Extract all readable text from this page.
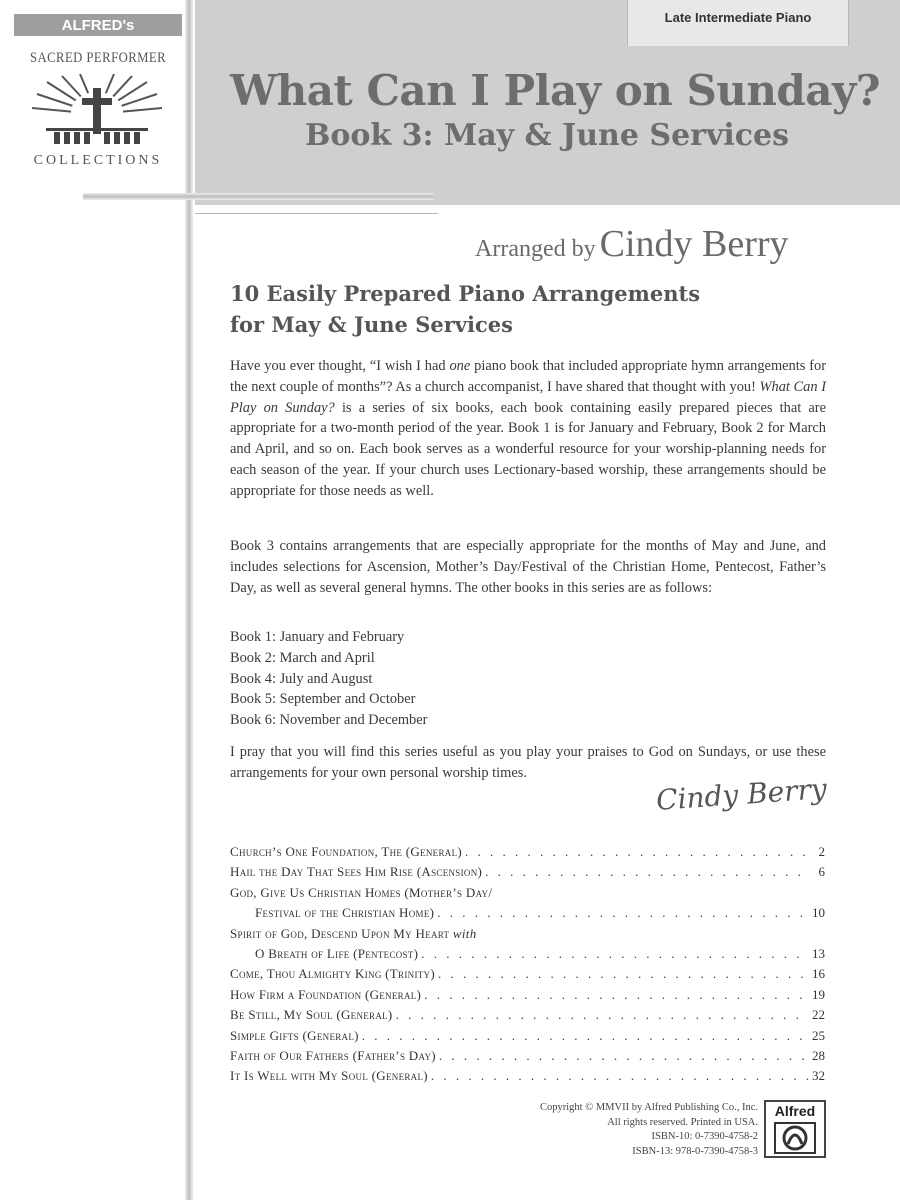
Late Intermediate Piano
What Can I Play on Sunday?
Book 3: May & June Services
ALFRED's
SACRED PERFORMER
COLLECTIONS
Arranged by Cindy Berry
10 Easily Prepared Piano Arrangements
for May & June Services
Have you ever thought, “I wish I had one piano book that included appropriate hymn arrangements for the next couple of months”? As a church accompanist, I have shared that thought with you! What Can I Play on Sunday? is a series of six books, each book containing easily prepared pieces that are appropriate for a two-month period of the year. Book 1 is for January and February, Book 2 for March and April, and so on. Each book serves as a wonderful resource for your worship-planning needs for each season of the year. If your church uses Lectionary-based worship, these arrangements should be appropriate for those needs as well.
Book 3 contains arrangements that are especially appropriate for the months of May and June, and includes selections for Ascension, Mother’s Day/Festival of the Christian Home, Pentecost, Father’s Day, as well as several general hymns. The other books in this series are as follows:
Book 1: January and February
Book 2: March and April
Book 4: July and August
Book 5: September and October
Book 6: November and December
I pray that you will find this series useful as you play your praises to God on Sundays, or use these arrangements for your own personal worship times.	Cindy Berry
Church’s One Foundation, The (General) . . .	2
Hail the Day That Sees Him Rise (Ascension) . . .	6
God, Give Us Christian Homes (Mother’s Day/
Festival of the Christian Home) . . .	10
Spirit of God, Descend Upon My Heart with
O Breath of Life (Pentecost) . . .	13
Come, Thou Almighty King (Trinity) . . .	16
How Firm a Foundation (General) . . .	19
Be Still, My Soul (General) . . .	22
Simple Gifts (General) . . .	25
Faith of Our Fathers (Father’s Day) . . .	28
It Is Well with My Soul (General) . . .	32
Copyright © MMVII by Alfred Publishing Co., Inc.
All rights reserved. Printed in USA.
ISBN-10: 0-7390-4758-2
ISBN-13: 978-0-7390-4758-3
Alfred
